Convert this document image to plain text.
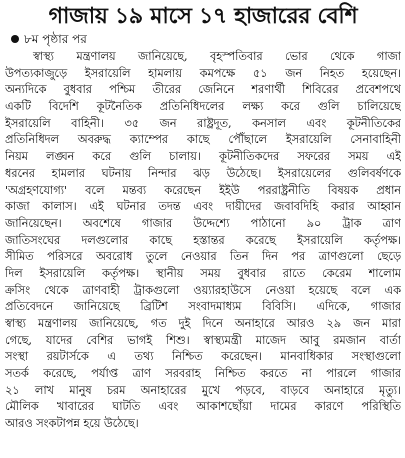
গাজায় ১৯ মাসে ১৭ হাজারের বেশি
৮ম পৃষ্ঠার পর
স্বাস্থ্য মন্ত্রণালয় জানিয়েছে, বৃহস্পতিবার ভোর থেকে গাজা
উপত্যকাজুড়ে ইসরায়েলি হামলায় কমপক্ষে ৫১ জন নিহত হয়েছেন।
অন্যদিকে বুধবার পশ্চিম তীরের জেনিনে শরণার্থী শিবিরের প্রবেশপথে
একটি বিদেশি কূটনৈতিক প্রতিনিধিদলের লক্ষ্য করে গুলি চালিয়েছে
ইসরায়েলি বাহিনী। ৩৫ জন রাষ্ট্রদূত, কনসাল এবং কূটনীতিকের
প্রতিনিধিদল অবরুদ্ধ ক্যাম্পের কাছে পৌঁছালে ইসরায়েলি সেনাবাহিনী
নিয়ম লঙ্ঘন করে গুলি চালায়। কূটনীতিকদের সফরের সময় এই
ধরনের হামলার ঘটনায় নিন্দার ঝড় উঠেছে। ইসরায়েলের গুলিবর্ষণকে
'অগ্রহণযোগ্য' বলে মন্তব্য করেছেন ইইউ পররাষ্ট্রনীতি বিষয়ক প্রধান
কাজা কালাস। এই ঘটনার তদন্ত এবং দায়ীদের জবাবদিহি করার আহ্বান
জানিয়েছেন। অবশেষে গাজার উদ্দেশ্যে পাঠানো ৯০ ট্রাক ত্রাণ
জাতিসংঘের দলগুলোর কাছে হস্তান্তর করেছে ইসরায়েলি কর্তৃপক্ষ।
সীমিত পরিসরে অবরোধ তুলে নেওয়ার তিন দিন পর ত্রাণগুলো ছেড়ে
দিল ইসরায়েলি কর্তৃপক্ষ। স্থানীয় সময় বুধবার রাতে কেরেম শালোম
ক্রসিং থেকে ত্রাণবাহী ট্রাকগুলো ওয়্যারহাউসে নেওয়া হয়েছে বলে এক
প্রতিবেদনে জানিয়েছে ব্রিটিশ সংবাদমাধ্যম বিবিসি। এদিকে, গাজার
স্বাস্থ্য মন্ত্রণালয় জানিয়েছে, গত দুই দিনে অনাহারে আরও ২৯ জন মারা
গেছে, যাদের বেশির ভাগই শিশু। স্বাস্থ্যমন্ত্রী মাজেদ আবু রমজান বার্তা
সংস্থা রয়টার্সকে এ তথ্য নিশ্চিত করেছেন। মানবাধিকার সংস্থাগুলো
সতর্ক করেছে, পর্যাপ্ত ত্রাণ সরবরাহ নিশ্চিত করতে না পারলে গাজার
২১ লাখ মানুষ চরম অনাহারের মুখে পড়বে, বাড়বে অনাহারে মৃত্যু।
মৌলিক খাবারের ঘাটতি এবং আকাশছোঁয়া দামের কারণে পরিস্থিতি
আরও সংকটাপন্ন হয়ে উঠেছে।
